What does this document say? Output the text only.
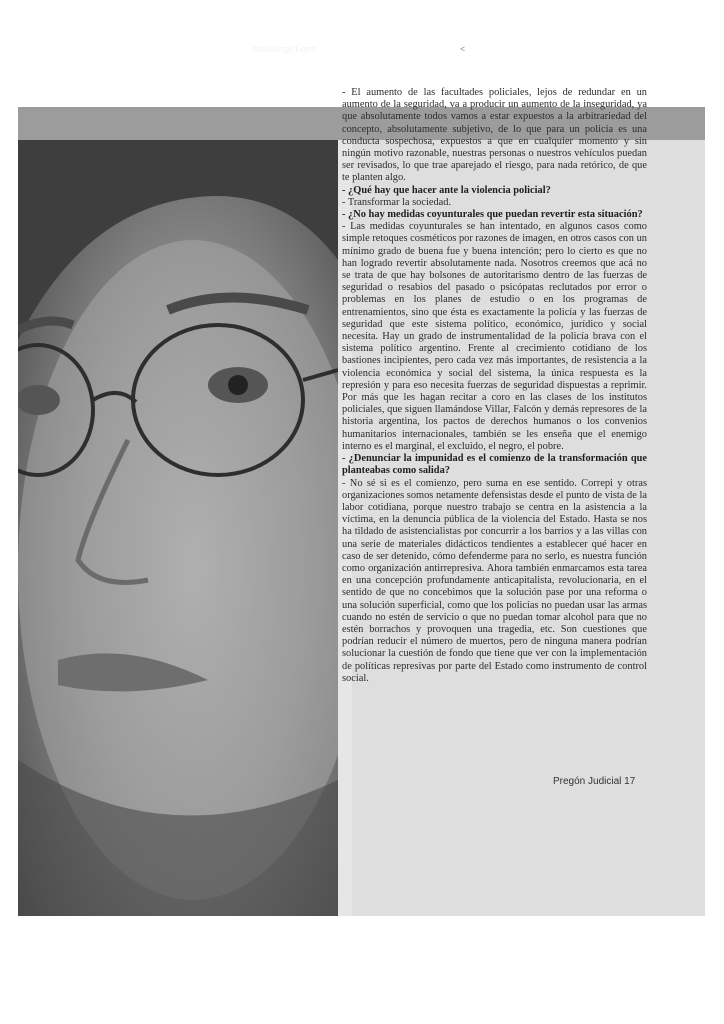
foto/Jorge Form	<

- El aumento de las facultades policiales, lejos de redundar en un aumento de la seguridad, va a producir un aumento de la inseguridad, ya que absolutamente todos vamos a estar expuestos a la arbitrariedad del concepto, absolutamente subjetivo, de lo que para un policía es una conducta sospechosa, expuestos a que en cualquier momento y sin ningún motivo razonable, nuestras personas o nuestros vehículos puedan ser revisados, lo que trae aparejado el riesgo, para nada retórico, de que te planten algo.

- ¿Qué hay que hacer ante la violencia policial?

- Transformar la sociedad.

- ¿No hay medidas coyunturales que puedan revertir esta situación?

- Las medidas coyunturales se han intentado, en algunos casos como simple retoques cosméticos por razones de imagen, en otros casos con un mínimo grado de buena fue y buena intención; pero lo cierto es que no han logrado revertir absolutamente nada. Nosotros creemos que acá no se trata de que hay bolsones de autoritarismo dentro de las fuerzas de seguridad o resabios del pasado o psicópatas reclutados por error o problemas en los planes de estudio o en los programas de entrenamientos, sino que ésta es exactamente la policía y las fuerzas de seguridad que este sistema político, económico, jurídico y social necesita. Hay un grado de instrumentalidad de la policía brava con el sistema político argentino. Frente al crecimiento cotidiano de los bastiones incipientes, pero cada vez más importantes, de resistencia a la violencia económica y social del sistema, la única respuesta es la represión y para eso necesita fuerzas de seguridad dispuestas a reprimir. Por más que les hagan recitar a coro en las clases de los institutos policiales, que siguen llamándose Villar, Falcón y demás represores de la historia argentina, los pactos de derechos humanos o los convenios humanitarios internacionales, también se les enseña que el enemigo interno es el marginal, el excluido, el negro, el pobre.

- ¿Denunciar la impunidad es el comienzo de la transformación que planteabas como salida?

- No sé si es el comienzo, pero suma en ese sentido. Correpi y otras organizaciones somos netamente defensistas desde el punto de vista de la labor cotidiana, porque nuestro trabajo se centra en la asistencia a la víctima, en la denuncia pública de la violencia del Estado. Hasta se nos ha tildado de asistencialistas por concurrir a los barrios y a las villas con una serie de materiales didácticos tendientes a establecer qué hacer en caso de ser detenido, cómo defenderme para no serlo, es nuestra función como organización antirrepresiva. Ahora también enmarcamos esta tarea en una concepción profundamente anticapitalista, revolucionaria, en el sentido de que no concebimos que la solución pase por una reforma o una solución superficial, como que los policías no puedan usar las armas cuando no estén de servicio o que no puedan tomar alcohol para que no estén borrachos y provoquen una tragedia, etc. Son cuestiones que podrían reducir el número de muertos, pero de ninguna manera podrían solucionar la cuestión de fondo que tiene que ver con la implementación de políticas represivas por parte del Estado como instrumento de control social.

Pregón Judicial 17
